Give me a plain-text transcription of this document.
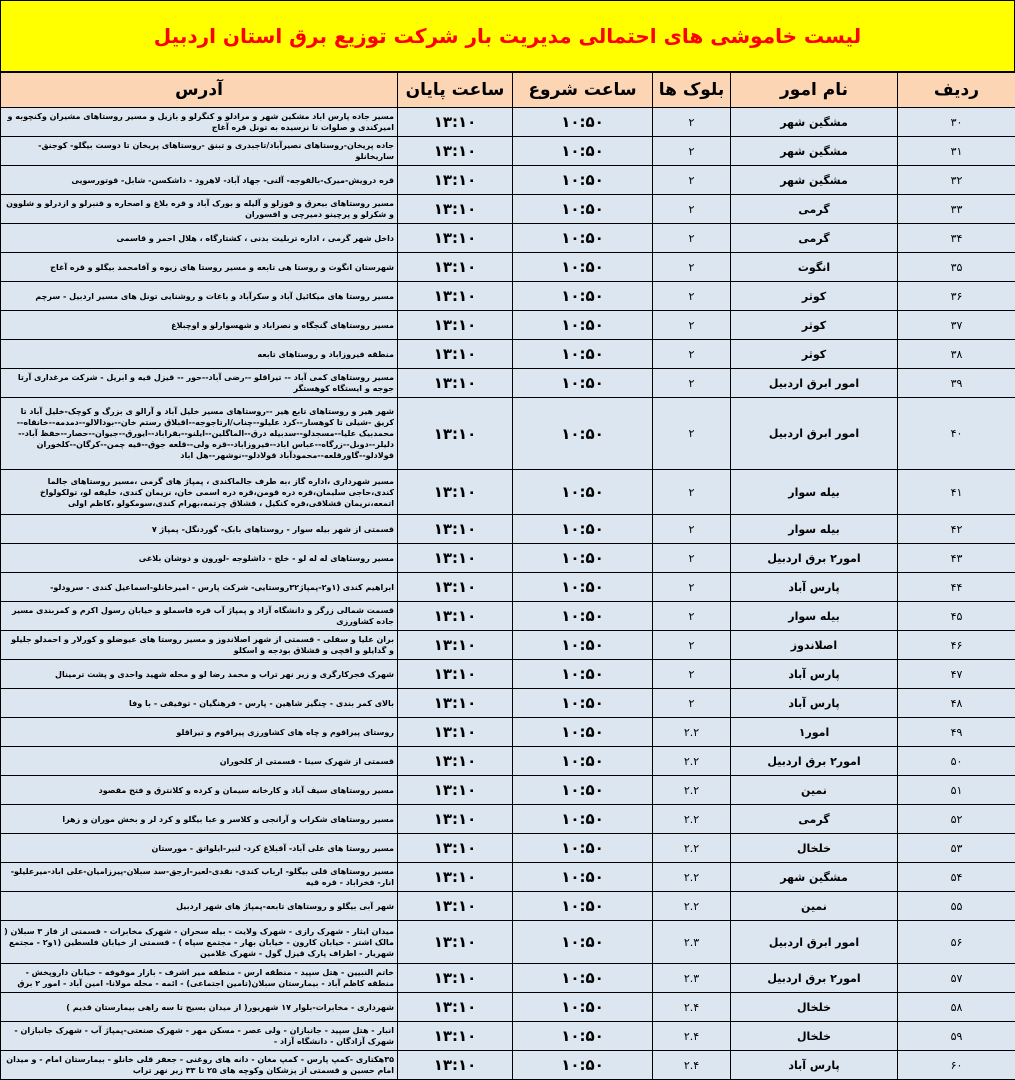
لیست خاموشی های احتمالی مدیریت بار شرکت توزیع برق استان اردبیل
ردیف	نام امور	بلوک ها	ساعت شروع	ساعت پایان	آدرس
۳۰	مشگین شهر	۲	۱۰:۵۰	۱۳:۱۰	مسیر جاده پارس اباد مشکین شهر و مرادلو و کنگرلو و بازیل و مسیر روستاهای مشیران وکنچوبه و امیرکندی و صلوات تا نرسیده به تونل قره آغاج
۳۱	مشگین شهر	۲	۱۰:۵۰	۱۳:۱۰	جاده پریخان-روستاهای نصیرآباد/تاجبدری و تبنق -روستاهای پریخان تا دوست بیگلو- کوجنق- ساریخانلو
۳۲	مشگین شهر	۲	۱۰:۵۰	۱۳:۱۰	قره درویش-میرک-بالقوجه- آلنی- جهاد آباد- لاهرود - داشکسن- شابل- قوتورسویی
۳۳	گرمی	۲	۱۰:۵۰	۱۳:۱۰	مسیر روستاهای بیعرق و قوزلو و آلیله و بورک آباد و قره بلاغ و اصحاره و قنبرلو و ازدرلو و شلوون و شکرلو و پرچینو دمیرچی و افسوران
۳۴	گرمی	۲	۱۰:۵۰	۱۳:۱۰	داخل شهر گرمی ، اداره تربلیت بدنی ، کشتارگاه ، هلال احمر و قاسمی
۳۵	انگوت	۲	۱۰:۵۰	۱۳:۱۰	شهرستان انگوت و روستا هی تابعه و مسیر روستا های زیوه و آقامحمد بیگلو و قره آغاج
۳۶	کوثر	۲	۱۰:۵۰	۱۳:۱۰	مسیر روستا های میکائیل آباد و سکرآباد و باغات و روشنایی تونل های مسیر اردبیل - سرچم
۳۷	کوثر	۲	۱۰:۵۰	۱۳:۱۰	مسیر روستاهای گنجگاه و نصراباد و شهسوارلو و اوچبلاغ
۳۸	کوثر	۲	۱۰:۵۰	۱۳:۱۰	منطقه فیروزاباد و روستاهای تابعه
۳۹	امور ابرق اردبیل	۲	۱۰:۵۰	۱۳:۱۰	مسیر روستاهای کمی آباد -- تیراقلو --رضی آباد--حور -- قیزل قیه و ابریل - شرکت مرغداری آرتا جوجه و ایستگاه کوهستگر
۴۰	امور ابرق اردبیل	۲	۱۰:۵۰	۱۳:۱۰	شهر هیر و روستاهای تابع هیر --روستاهای مسیر خلیل آباد و آرالو ی بزرگ و کوچک-خلیل آباد تا کریق -شیلی تا کوهسار--کرد علیلو--چناب/ارتاجوجه--اقبلاق رستم خان--بودالالو--دمدمه--خانقاه--محمدبیک علیا--مسجدلو--سدبیله درق--الماگلین--ایلنو--بقراباد--ایورق--جیوان--حصار--حفظ آباد--دلیلر--دوبل--زرگاه--عباس اباد--فیروزاباد--قره ولی--قلعه جوق--قیه چمن--کرگان--کلخوران قولادلو--گاورقلعه--محمودآباد قولادلو--نوشهر--هل اباد
۴۱	بیله سوار	۲	۱۰:۵۰	۱۳:۱۰	مسیر شهرداری ،اداره گاز ،به طرف جالماکندی ، پمپاژ های گرمی ،مسیر روستاهای جالما کندی،حاجی سلیمان،قره دره قومن،قره دره اسمی خان، نریمان کندی، خلیفه لو، تولکولواخ اتمعه،نریمان قشلاقی،قره کنکیل ، قشلاق چرتمه،بهرام کندی،سومکولو ،کاظم اولی
۴۲	بیله سوار	۲	۱۰:۵۰	۱۳:۱۰	قسمتی از شهر بیله سوار - روستاهای بابک- گوردنگل- پمپاژ ۷
۴۳	امور۲ برق اردبیل	۲	۱۰:۵۰	۱۳:۱۰	مسیر روستاهای له له لو - خلج - داشلوجه -لورون و دوشان بلاغی
۴۴	پارس آباد	۲	۱۰:۵۰	۱۳:۱۰	ابراهیم کندی (۱و۲-پمپاژ۳۲روستایی- شرکت پارس - امیرخانلو-اسماعیل کندی - سرودلو-
۴۵	بیله سوار	۲	۱۰:۵۰	۱۳:۱۰	قسمت شمالی زرگر و دانشگاه آزاد و پمپاژ آب قره قاسملو و خیابان رسول اکرم و کمربندی مسیر جاده کشاورزی
۴۶	اصلاندوز	۲	۱۰:۵۰	۱۳:۱۰	بران علیا و سفلی - قسمتی از شهر اصلاندوز و مسیر روستا های عیوضلو و کورلار و احمدلو جلیلو و گدایلو و افچی و قشلاق بودجه و اسکلو
۴۷	پارس آباد	۲	۱۰:۵۰	۱۳:۱۰	شهرک فجرکارگری و زیر نهر تراب و محمد رضا لو و محله شهید واحدی و پشت ترمینال
۴۸	پارس آباد	۲	۱۰:۵۰	۱۳:۱۰	بالای کمر بندی - چنگیز شاهین - پارس - فرهنگیان - توفیقی - با وفا
۴۹	امور۱	۲.۲	۱۰:۵۰	۱۳:۱۰	روستای پیراقوم و چاه های کشاورزی پیراقوم و تیراقلو
۵۰	امور۲ برق اردبیل	۲.۲	۱۰:۵۰	۱۳:۱۰	قسمتی از شهرک سینا - قسمتی از کلخوران
۵۱	نمین	۲.۲	۱۰:۵۰	۱۳:۱۰	مسیر روستاهای سیف آباد و کارخانه سیمان و کرده و کلانترق و فتح مقصود
۵۲	گرمی	۲.۲	۱۰:۵۰	۱۳:۱۰	مسیر روستاهای شکراب و آرانجی و کلاسر و عبا بیگلو و کرد لر و بخش موران و زهرا
۵۳	خلخال	۲.۲	۱۰:۵۰	۱۳:۱۰	مسیر روستا های علی آباد- آقبلاغ کرد- لنبر-ایلواتق - مورستان
۵۴	مشگین شهر	۲.۲	۱۰:۵۰	۱۳:۱۰	مسیر روستاهای قلی بیگلو- ارباب کندی- نقدی-لعیر-ارجق-سد سبلان-پیرزامیان-علی اباد-میرعلیلو-انار- فخراباد - قره قیه
۵۵	نمین	۲.۲	۱۰:۵۰	۱۳:۱۰	شهر آبی بیگلو و روستاهای تابعه-پمپاژ های شهر اردبیل
۵۶	امور ابرق اردبیل	۲.۳	۱۰:۵۰	۱۳:۱۰	میدان ایثار - شهرک رازی - شهرک ولایت - بیله سحران - شهرک مخابرات - قسمتی از فاز ۳ سبلان ( مالک اشتر - خیابان کارون - خیابان بهار - مجتمع سپاه ) - قسمتی از خیابان فلسطین (۱و۲ - مجتمع شهریار - اطراف پارک قیزل گول - شهرک غلامین
۵۷	امور۲ برق اردبیل	۲.۳	۱۰:۵۰	۱۳:۱۰	خاتم النبیین - هتل سپید - منطقه ارس - منطقه میر اشرف - بازار موقوفه - خیابان داروپخش - منطقه کاظم آباد - بیمارستان سبلان(تامین اجتماعی) - ائمه - محله مولانا- امین آباد - امور ۲ برق
۵۸	خلخال	۲.۴	۱۰:۵۰	۱۳:۱۰	شهرداری - مخابرات-بلوار ۱۷ شهریور( از میدان بسیج تا سه راهی بیمارستان قدیم )
۵۹	خلخال	۲.۴	۱۰:۵۰	۱۳:۱۰	انبار - هتل سپید - جانبازان - ولی عصر - مسکن مهر - شهرک صنعتی-پمپاژ آب - شهرک جانبازان - شهرک آزادگان - دانشگاه آزاد -
۶۰	پارس آباد	۲.۴	۱۰:۵۰	۱۳:۱۰	۳۵هکتاری -کمپ پارس - کمپ مغان - دانه های روغنی - جعفر قلی خانلو - بیمارستان امام - و میدان امام حسین و قسمتی از پزشکان وکوچه های ۲۵ تا ۳۳ زیر نهر تراب
